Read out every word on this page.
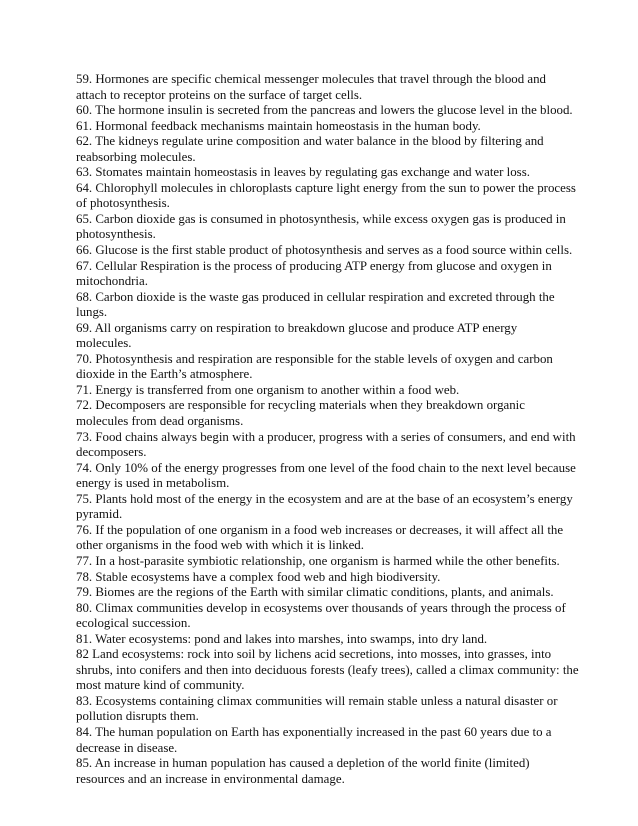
59. Hormones are specific chemical messenger molecules that travel through the blood and
attach to receptor proteins on the surface of target cells.
60. The hormone insulin is secreted from the pancreas and lowers the glucose level in the blood.
61. Hormonal feedback mechanisms maintain homeostasis in the human body.
62. The kidneys regulate urine composition and water balance in the blood by filtering and
reabsorbing molecules.
63. Stomates maintain homeostasis in leaves by regulating gas exchange and water loss.
64. Chlorophyll molecules in chloroplasts capture light energy from the sun to power the process
of photosynthesis.
65. Carbon dioxide gas is consumed in photosynthesis, while excess oxygen gas is produced in
photosynthesis.
66. Glucose is the first stable product of photosynthesis and serves as a food source within cells.
67. Cellular Respiration is the process of producing ATP energy from glucose and oxygen in
mitochondria.
68. Carbon dioxide is the waste gas produced in cellular respiration and excreted through the
lungs.
69. All organisms carry on respiration to breakdown glucose and produce ATP energy
molecules.
70. Photosynthesis and respiration are responsible for the stable levels of oxygen and carbon
dioxide in the Earth’s atmosphere.
71. Energy is transferred from one organism to another within a food web.
72. Decomposers are responsible for recycling materials when they breakdown organic
molecules from dead organisms.
73. Food chains always begin with a producer, progress with a series of consumers, and end with
decomposers.
74. Only 10% of the energy progresses from one level of the food chain to the next level because
energy is used in metabolism.
75. Plants hold most of the energy in the ecosystem and are at the base of an ecosystem’s energy
pyramid.
76. If the population of one organism in a food web increases or decreases, it will affect all the
other organisms in the food web with which it is linked.
77. In a host-parasite symbiotic relationship, one organism is harmed while the other benefits.
78. Stable ecosystems have a complex food web and high biodiversity.
79. Biomes are the regions of the Earth with similar climatic conditions, plants, and animals.
80. Climax communities develop in ecosystems over thousands of years through the process of
ecological succession.
81. Water ecosystems: pond and lakes into marshes, into swamps, into dry land.
82 Land ecosystems: rock into soil by lichens acid secretions, into mosses, into grasses, into
shrubs, into conifers and then into deciduous forests (leafy trees), called a climax community: the
most mature kind of community.
83. Ecosystems containing climax communities will remain stable unless a natural disaster or
pollution disrupts them.
84. The human population on Earth has exponentially increased in the past 60 years due to a
decrease in disease.
85. An increase in human population has caused a depletion of the world finite (limited)
resources and an increase in environmental damage.
